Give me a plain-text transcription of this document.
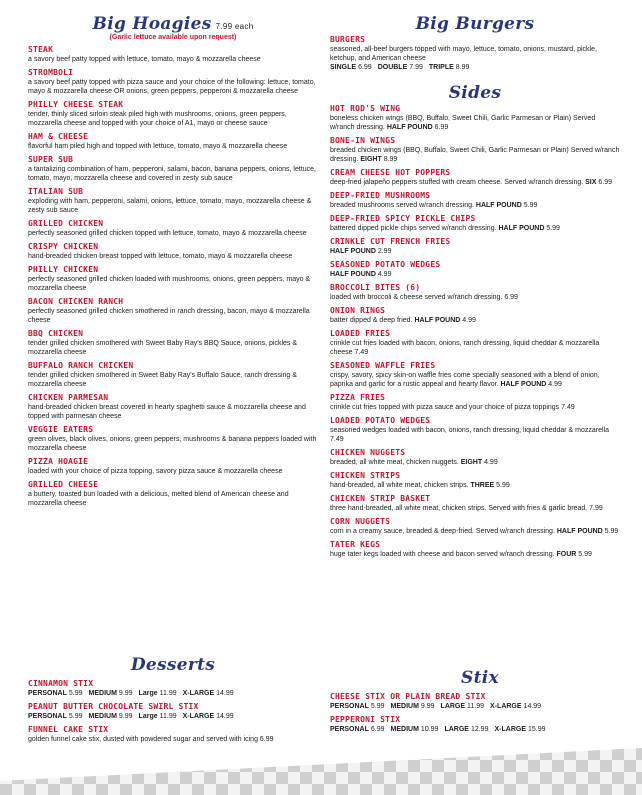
Big Hoagies 7.99 each
(Garlic lettuce available upon request)
STEAK
a savory beef patty topped with lettuce, tomato, mayo & mozzarella cheese
STROMBOLI
a savory beef patty topped with pizza sauce and your choice of the following: lettuce, tomato, mayo & mozzarella cheese OR onions, green peppers, pepperoni & mozzarella cheese
PHILLY CHEESE STEAK
tender, thinly sliced sirloin steak piled high with mushrooms, onions, green peppers, mozzarella cheese and topped with your choice of A1, mayo or cheese sauce
HAM & CHEESE
flavorful ham piled high and topped with lettuce, tomato, mayo & mozzarella cheese
SUPER SUB
a tantalizing combination of ham, pepperoni, salami, bacon, banana peppers, onions, lettuce, tomato, mayo, mozzarella cheese and covered in zesty sub sauce
ITALIAN SUB
exploding with ham, pepperoni, salami, onions, lettuce, tomato, mayo, mozzarella cheese & zesty sub sauce
GRILLED CHICKEN
perfectly seasoned grilled chicken topped with lettuce, tomato, mayo & mozzarella cheese
CRISPY CHICKEN
hand-breaded chicken breast topped with lettuce, tomato, mayo & mozzarella cheese
PHILLY CHICKEN
perfectly seasoned grilled chicken loaded with mushrooms, onions, green peppers, mayo & mozzarella cheese
BACON CHICKEN RANCH
perfectly seasoned grilled chicken smothered in ranch dressing, bacon, mayo & mozzarella cheese
BBQ CHICKEN
tender grilled chicken smothered with Sweet Baby Ray's BBQ Sauce, onions, pickles & mozzarella cheese
BUFFALO RANCH CHICKEN
tender grilled chicken smothered in Sweet Baby Ray's Buffalo Sauce, ranch dressing & mozzarella cheese
CHICKEN PARMESAN
hand-breaded chicken breast covered in hearty spaghetti sauce & mozzarella cheese and topped with parmesan cheese
VEGGIE EATERS
green olives, black olives, onions, green peppers, mushrooms & banana peppers loaded with mozzarella cheese
PIZZA HOAGIE
loaded with your choice of pizza topping, savory pizza sauce & mozzarella cheese
GRILLED CHEESE
a buttery, toasted bun loaded with a delicious, melted blend of American cheese and mozzarella cheese
Big Burgers
BURGERS
seasoned, all-beef burgers topped with mayo, lettuce, tomato, onions, mustard, pickle, ketchup, and American cheese
SINGLE 6.99 DOUBLE 7.99 TRIPLE 8.99
Sides
HOT ROD'S WING
boneless chicken wings (BBQ, Buffalo, Sweet Chili, Garlic Parmesan or Plain) Served w/ranch dressing. HALF POUND 6.99
BONE-IN WINGS
breaded chicken wings (BBQ, Buffalo, Sweet Chili, Garlic Parmesan or Plain) Served w/ranch dressing. EIGHT 8.99
CREAM CHEESE HOT POPPERS
deep-fried jalapeño peppers stuffed with cream cheese. Served w/ranch dressing. SIX 6.99
DEEP-FRIED MUSHROOMS
breaded mushrooms served w/ranch dressing. HALF POUND 5.99
DEEP-FRIED SPICY PICKLE CHIPS
battered dipped pickle chips served w/ranch dressing. HALF POUND 5.99
CRINKLE CUT FRENCH FRIES
HALF POUND 2.99
SEASONED POTATO WEDGES
HALF POUND 4.99
BROCCOLI BITES (6)
loaded with broccoli & cheese served w/ranch dressing. 6.99
ONION RINGS
batter dipped & deep fried. HALF POUND 4.99
LOADED FRIES
crinkle cut fries loaded with bacon, onions, ranch dressing, liquid cheddar & mozzarella cheese 7.49
SEASONED WAFFLE FRIES
crispy, savory, spicy skin-on waffle fries come specially seasoned with a blend of onion, paprika and garlic for a rustic appeal and hearty flavor. HALF POUND 4.99
PIZZA FRIES
crinkle cut fries topped with pizza sauce and your choice of pizza toppings 7.49
LOADED POTATO WEDGES
seasoned wedges loaded with bacon, onions, ranch dressing, liquid cheddar & mozzarella 7.49
CHICKEN NUGGETS
breaded, all white meat, chicken nuggets. EIGHT 4.99
CHICKEN STRIPS
hand-breaded, all white meat, chicken strips. THREE 5.99
CHICKEN STRIP BASKET
three hand-breaded, all white meat, chicken strips. Served with fries & garlic bread. 7.99
CORN NUGGETS
corn in a creamy sauce, breaded & deep-fried. Served w/ranch dressing. HALF POUND 5.99
TATER KEGS
huge tater kegs loaded with cheese and bacon served w/ranch dressing. FOUR 5.99
Desserts
CINNAMON STIX
PERSONAL 5.99 MEDIUM 9.99 Large 11.99 X-LARGE 14.99
PEANUT BUTTER CHOCOLATE SWIRL STIX
PERSONAL 5.99 MEDIUM 9.99 Large 11.99 X-LARGE 14.99
FUNNEL CAKE STIX
golden funnel cake stix, dusted with powdered sugar and served with icing 6.99
Stix
CHEESE STIX OR PLAIN BREAD STIX
PERSONAL 5.99 MEDIUM 9.99 LARGE 11.99 X-LARGE 14.99
PEPPERONI STIX
PERSONAL 6.99 MEDIUM 10.99 LARGE 12.99 X-LARGE 15.99
